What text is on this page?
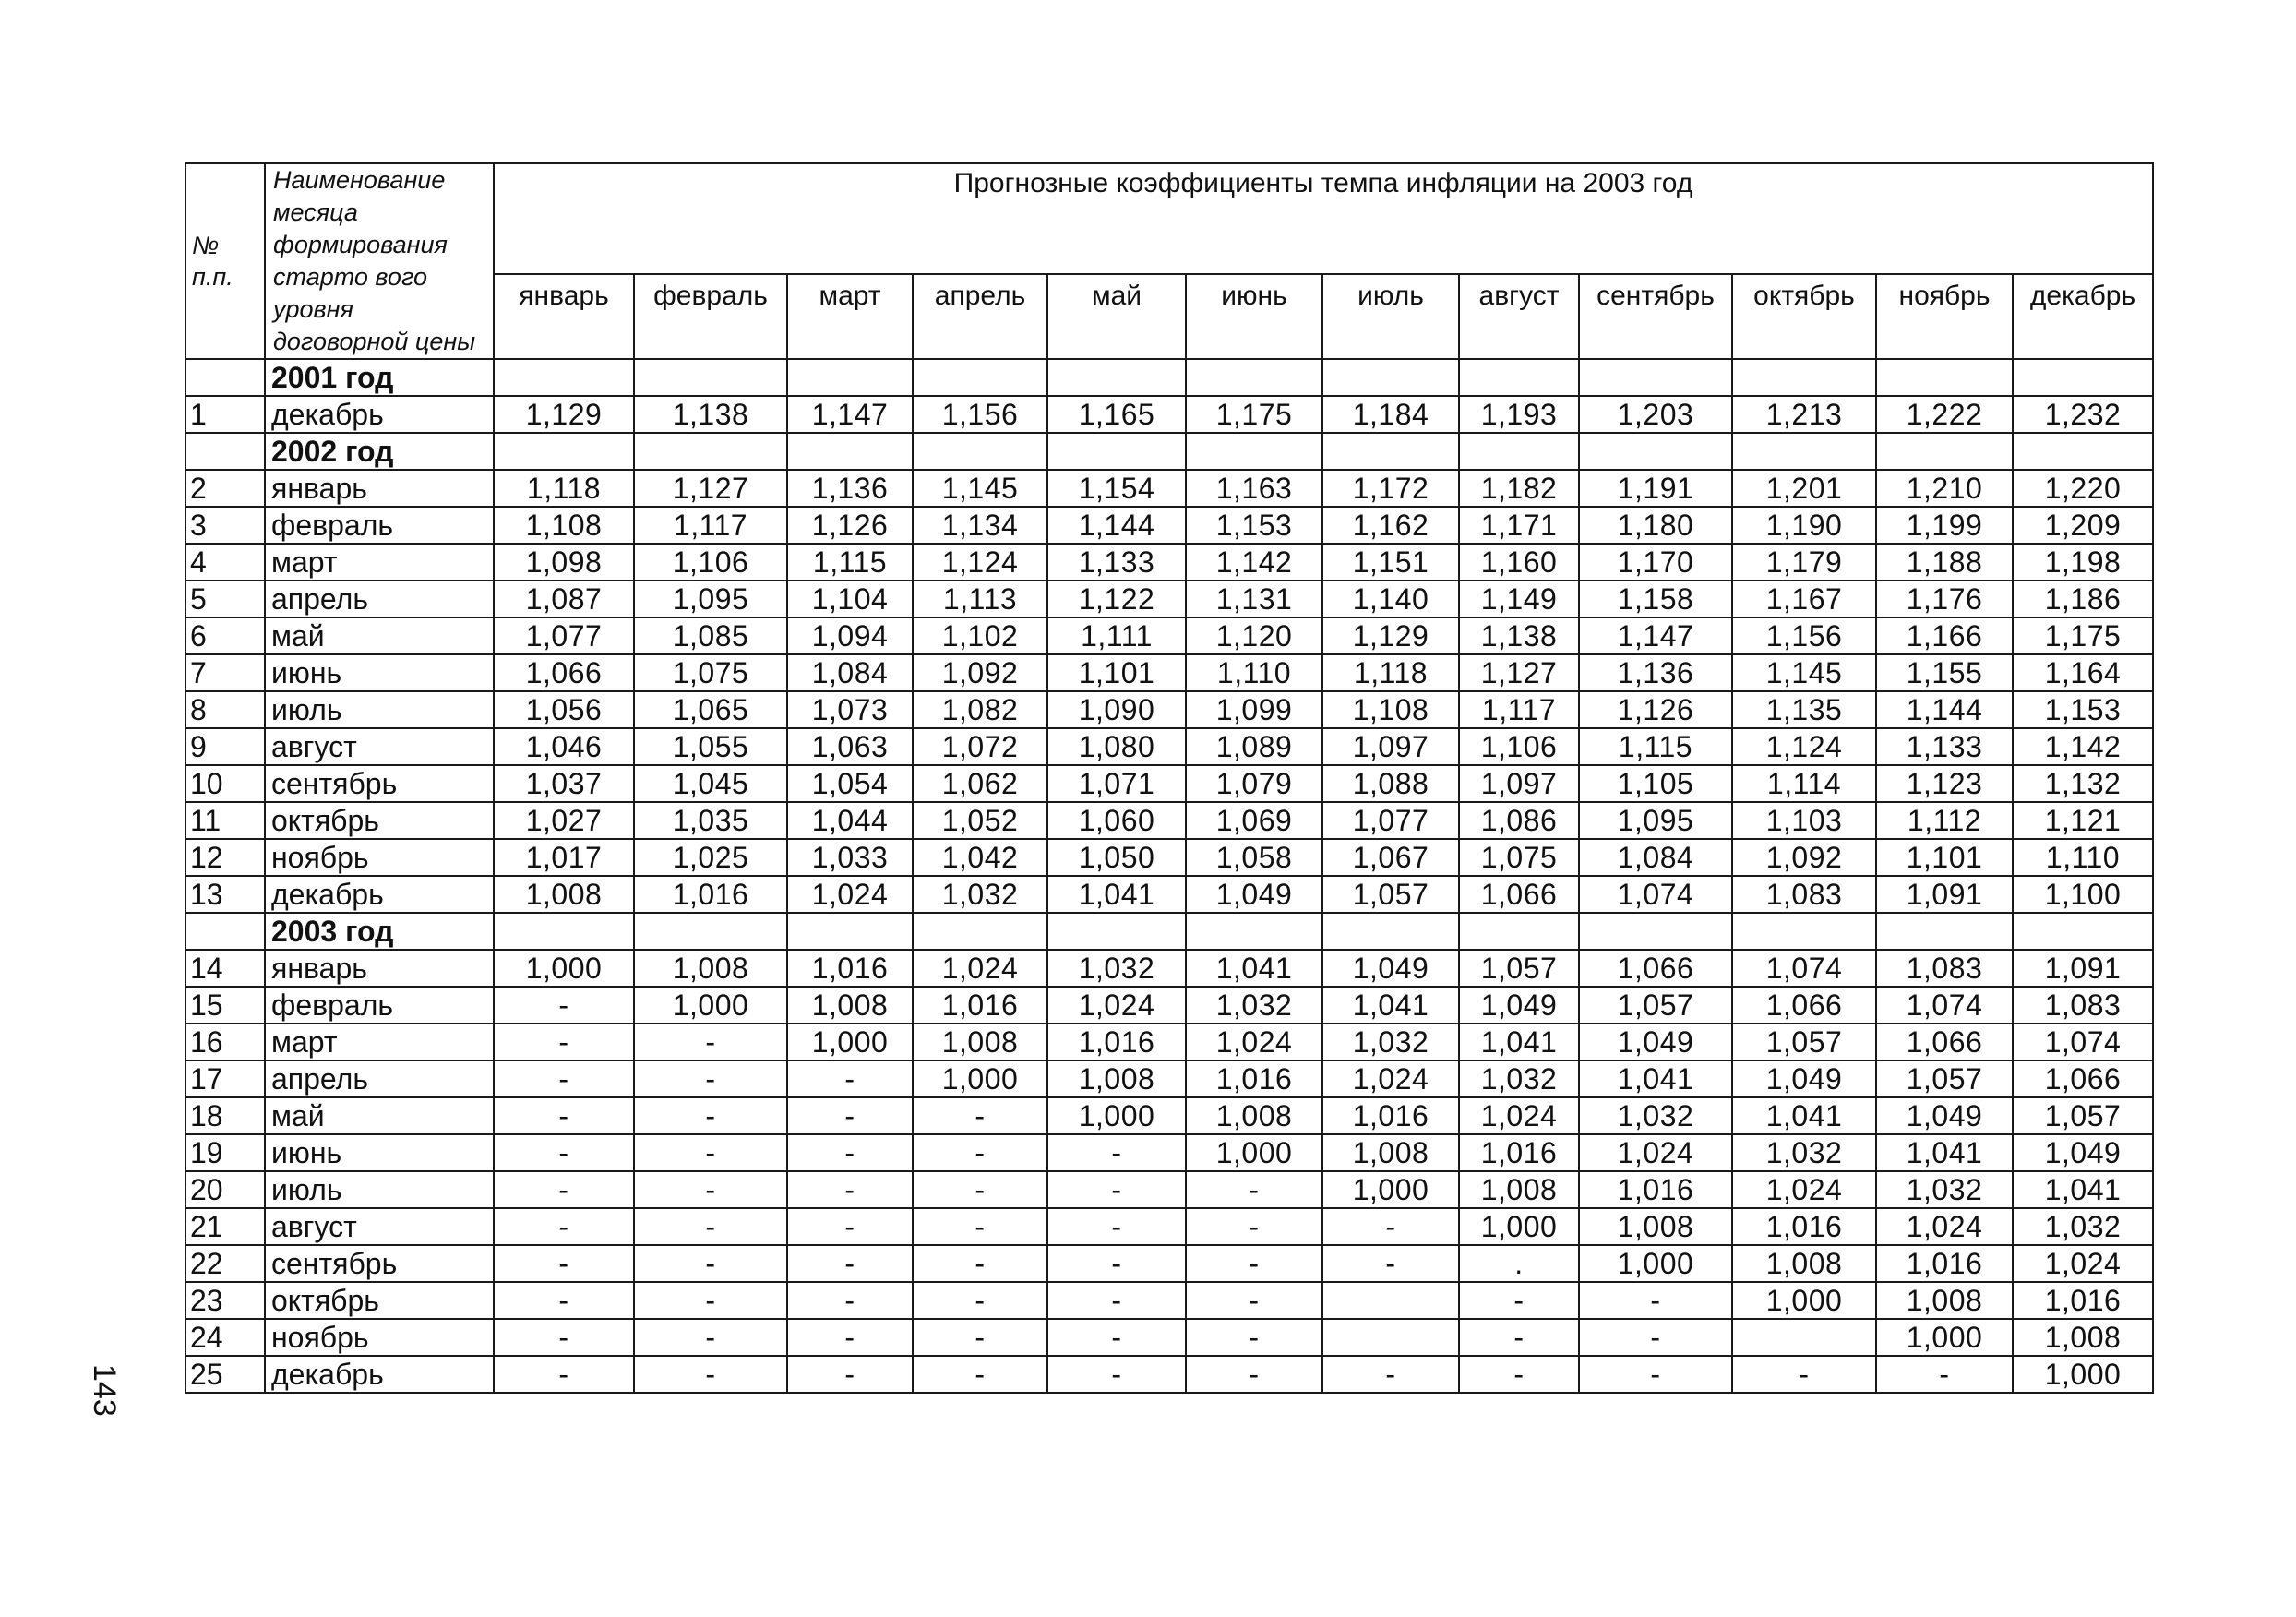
№ п.п.	Наименование месяца формирования старто вого уровня договорной цены	Прогнозные коэффициенты темпа инфляции на 2003 год											
		январь	февраль	март	апрель	май	июнь	июль	август	сентябрь	октябрь	ноябрь	декабрь
	2001 год												
1	декабрь	1,129	1,138	1,147	1,156	1,165	1,175	1,184	1,193	1,203	1,213	1,222	1,232
	2002 год												
2	январь	1,118	1,127	1,136	1,145	1,154	1,163	1,172	1,182	1,191	1,201	1,210	1,220
3	февраль	1,108	1,117	1,126	1,134	1,144	1,153	1,162	1,171	1,180	1,190	1,199	1,209
4	март	1,098	1,106	1,115	1,124	1,133	1,142	1,151	1,160	1,170	1,179	1,188	1,198
5	апрель	1,087	1,095	1,104	1,113	1,122	1,131	1,140	1,149	1,158	1,167	1,176	1,186
6	май	1,077	1,085	1,094	1,102	1,111	1,120	1,129	1,138	1,147	1,156	1,166	1,175
7	июнь	1,066	1,075	1,084	1,092	1,101	1,110	1,118	1,127	1,136	1,145	1,155	1,164
8	июль	1,056	1,065	1,073	1,082	1,090	1,099	1,108	1,117	1,126	1,135	1,144	1,153
9	август	1,046	1,055	1,063	1,072	1,080	1,089	1,097	1,106	1,115	1,124	1,133	1,142
10	сентябрь	1,037	1,045	1,054	1,062	1,071	1,079	1,088	1,097	1,105	1,114	1,123	1,132
11	октябрь	1,027	1,035	1,044	1,052	1,060	1,069	1,077	1,086	1,095	1,103	1,112	1,121
12	ноябрь	1,017	1,025	1,033	1,042	1,050	1,058	1,067	1,075	1,084	1,092	1,101	1,110
13	декабрь	1,008	1,016	1,024	1,032	1,041	1,049	1,057	1,066	1,074	1,083	1,091	1,100
	2003 год												
14	январь	1,000	1,008	1,016	1,024	1,032	1,041	1,049	1,057	1,066	1,074	1,083	1,091
15	февраль	-	1,000	1,008	1,016	1,024	1,032	1,041	1,049	1,057	1,066	1,074	1,083
16	март	-	-	1,000	1,008	1,016	1,024	1,032	1,041	1,049	1,057	1,066	1,074
17	апрель	-	-	-	1,000	1,008	1,016	1,024	1,032	1,041	1,049	1,057	1,066
18	май	-	-	-	-	1,000	1,008	1,016	1,024	1,032	1,041	1,049	1,057
19	июнь	-	-	-	-	-	1,000	1,008	1,016	1,024	1,032	1,041	1,049
20	июль	-	-	-	-	-	-	1,000	1,008	1,016	1,024	1,032	1,041
21	август	-	-	-	-	-	-	-	1,000	1,008	1,016	1,024	1,032
22	сентябрь	-	-	-	-	-	-	-	.	1,000	1,008	1,016	1,024
23	октябрь	-	-	-	-	-	-		-	-	1,000	1,008	1,016
24	ноябрь	-	-	-	-	-	-		-	-		1,000	1,008
25	декабрь	-	-	-	-	-	-	-	-	-	-	-	1,000
143
